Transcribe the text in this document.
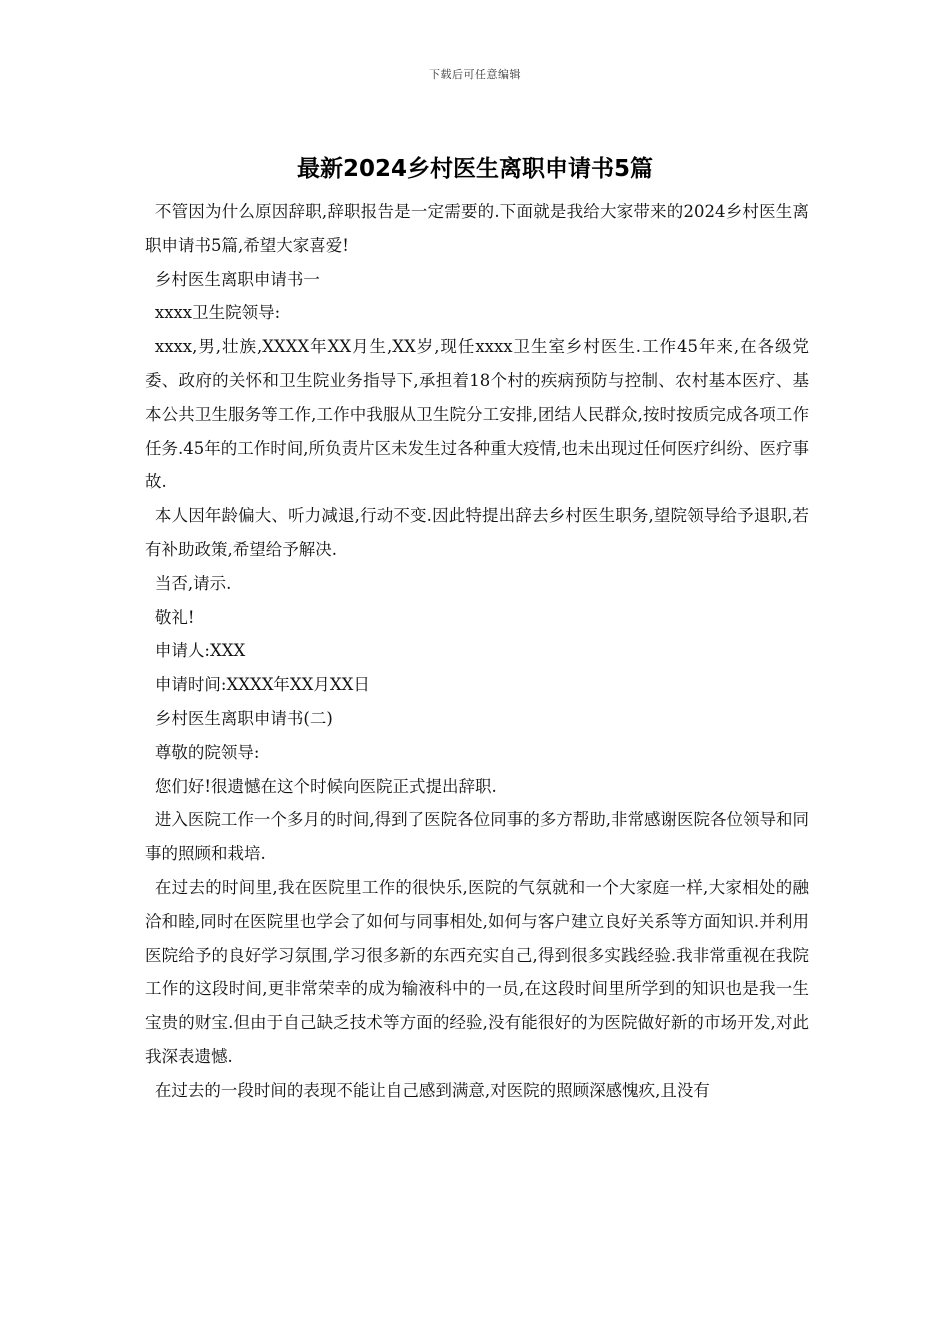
下载后可任意编辑
最新2024乡村医生离职申请书5篇

不管因为什么原因辞职,辞职报告是一定需要的.下面就是我给大家带来的2024乡村医生离职申请书5篇,希望大家喜爱!

乡村医生离职申请书一

xxxx卫生院领导:

xxxx,男,壮族,XXXX年XX月生,XX岁,现任xxxx卫生室乡村医生.工作45年来,在各级党委、政府的关怀和卫生院业务指导下,承担着18个村的疾病预防与控制、农村基本医疗、基本公共卫生服务等工作,工作中我服从卫生院分工安排,团结人民群众,按时按质完成各项工作任务.45年的工作时间,所负责片区未发生过各种重大疫情,也未出现过任何医疗纠纷、医疗事故.

本人因年龄偏大、听力减退,行动不变.因此特提出辞去乡村医生职务,望院领导给予退职,若有补助政策,希望给予解决.

当否,请示.

敬礼!

申请人:XXX

申请时间:XXXX年XX月XX日

乡村医生离职申请书(二)

尊敬的院领导:

您们好!很遗憾在这个时候向医院正式提出辞职.

进入医院工作一个多月的时间,得到了医院各位同事的多方帮助,非常感谢医院各位领导和同事的照顾和栽培.

在过去的时间里,我在医院里工作的很快乐,医院的气氛就和一个大家庭一样,大家相处的融洽和睦,同时在医院里也学会了如何与同事相处,如何与客户建立良好关系等方面知识.并利用医院给予的良好学习氛围,学习很多新的东西充实自己,得到很多实践经验.我非常重视在我院工作的这段时间,更非常荣幸的成为输液科中的一员,在这段时间里所学到的知识也是我一生宝贵的财宝.但由于自己缺乏技术等方面的经验,没有能很好的为医院做好新的市场开发,对此我深表遗憾.

在过去的一段时间的表现不能让自己感到满意,对医院的照顾深感愧疚,且没有
